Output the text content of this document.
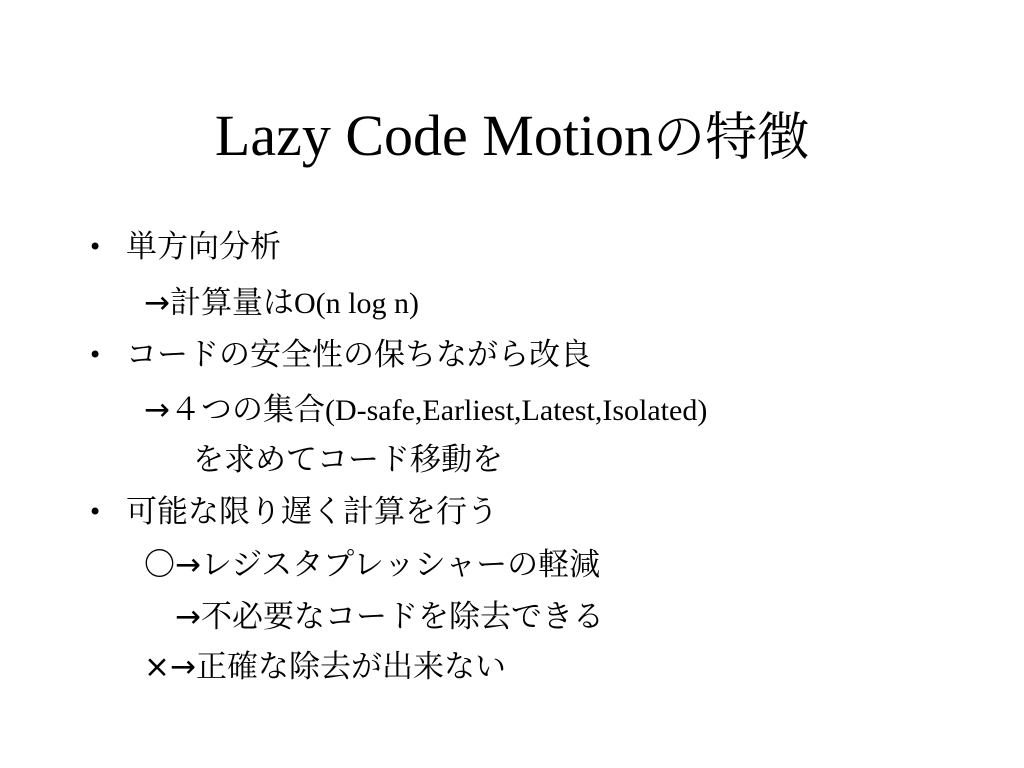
Lazy Code Motionの特徴
• 単方向分析
→計算量はO(n log n)
• コードの安全性の保ちながら改良
→４つの集合(D-safe,Earliest,Latest,Isolated)
を求めてコード移動を
• 可能な限り遅く計算を行う
〇→レジスタプレッシャーの軽減
→不必要なコードを除去できる
×→正確な除去が出来ない
